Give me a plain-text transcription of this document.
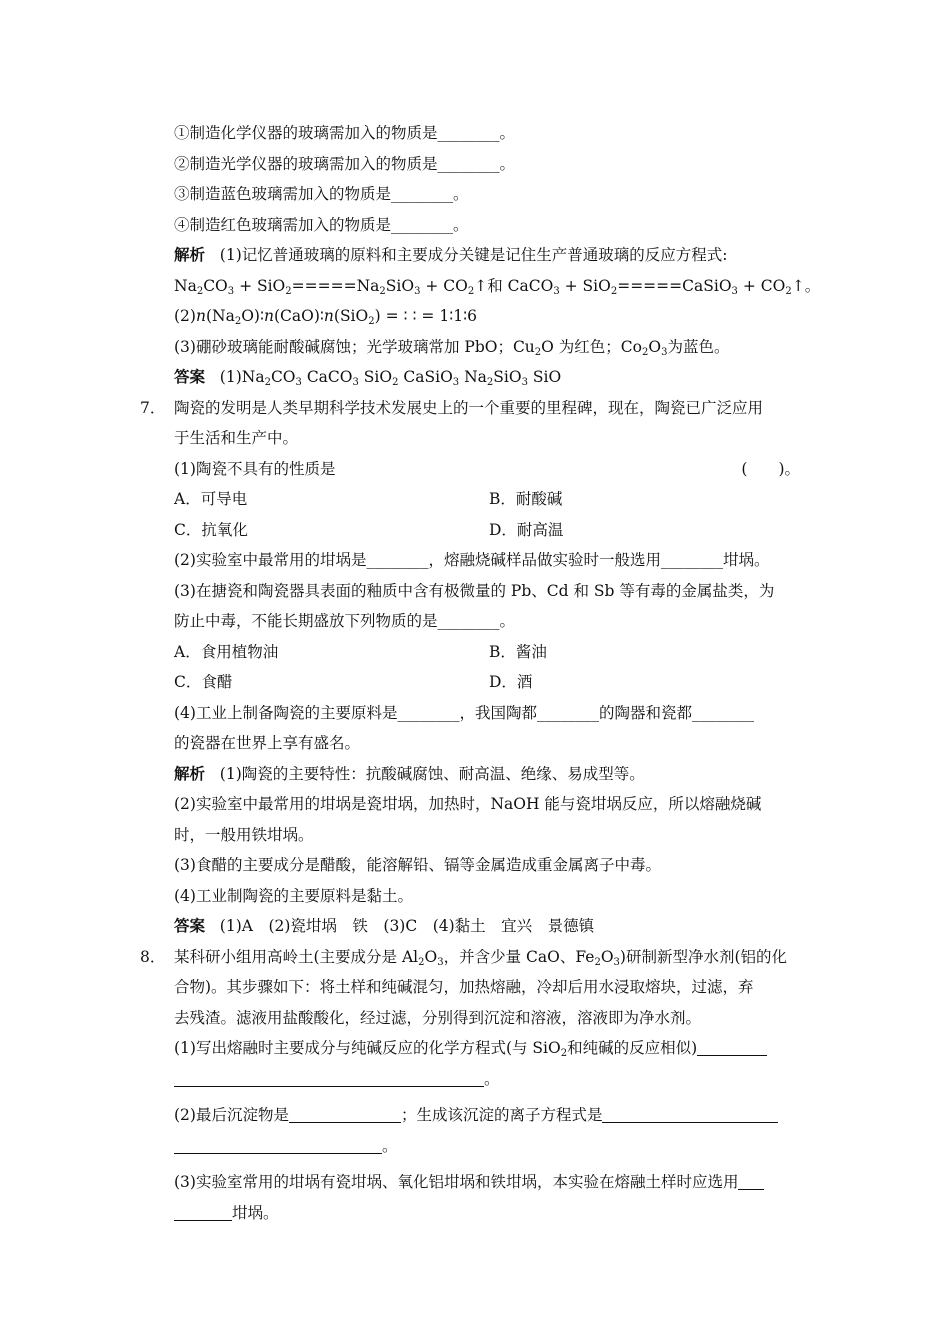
①制造化学仪器的玻璃需加入的物质是________。
②制造光学仪器的玻璃需加入的物质是________。
③制造蓝色玻璃需加入的物质是________。
④制造红色玻璃需加入的物质是________。
解析 (1)记忆普通玻璃的原料和主要成分关键是记住生产普通玻璃的反应方程式:
$Na_2CO_3 + SiO_2=====Na_2SiO_3$ + $CO_2↑$和 CaCO$_3$ + SiO$_2$=====CaSiO$_3$ + $CO_2↑$。
$(2)n(Na_2O)∶n(CaO)∶n(SiO_2)$ = ∶ ∶ = 1∶1∶6
(3)硼砂玻璃能耐酸碱腐蚀；光学玻璃常加 PbO；$Cu_2O$ 为红色；$Co_2O_3$为蓝色。
答案 $(1)Na_2CO_3$ CaCO$_3$ SiO$_2$ CaSiO$_3$ $Na_2SiO_3$ SiO
7． 陶瓷的发明是人类早期科学技术发展史上的一个重要的里程碑，现在，陶瓷已广泛应用
于生活和生产中。
(1)陶瓷不具有的性质是	(　　)。
A．可导电	B．耐酸碱
C．抗氧化	D．耐高温
(2)实验室中最常用的坩埚是________，熔融烧碱样品做实验时一般选用________坩埚。
(3)在搪瓷和陶瓷器具表面的釉质中含有极微量的 Pb、Cd 和 Sb 等有毒的金属盐类，为
防止中毒，不能长期盛放下列物质的是________。
A．食用植物油	B．酱油
C．食醋	D．酒
(4)工业上制备陶瓷的主要原料是________，我国陶都________的陶器和瓷都________
的瓷器在世界上享有盛名。
解析 (1)陶瓷的主要特性：抗酸碱腐蚀、耐高温、绝缘、易成型等。
(2)实验室中最常用的坩埚是瓷坩埚，加热时，NaOH 能与瓷坩埚反应，所以熔融烧碱
时，一般用铁坩埚。
(3)食醋的主要成分是醋酸，能溶解铅、镉等金属造成重金属离子中毒。
(4)工业制陶瓷的主要原料是黏土。
答案 (1)A　(2)瓷坩埚　铁　(3)C　(4)黏土　宜兴　景德镇
8． 某科研小组用高岭土(主要成分是 $Al_2O_3$，并含少量 CaO、$Fe_2O_3$)研制新型净水剂(铝的化
合物)。其步骤如下：将土样和纯碱混匀，加热熔融，冷却后用水浸取熔块，过滤，弃
去残渣。滤液用盐酸酸化，经过滤，分别得到沉淀和溶液，溶液即为净水剂。
(1)写出熔融时主要成分与纯碱反应的化学方程式(与 SiO$_2$和纯碱的反应相似)
。
(2)最后沉淀物是	；生成该沉淀的离子方程式是
。
(3)实验室常用的坩埚有瓷坩埚、氧化铝坩埚和铁坩埚，本实验在熔融土样时应选用
坩埚。
